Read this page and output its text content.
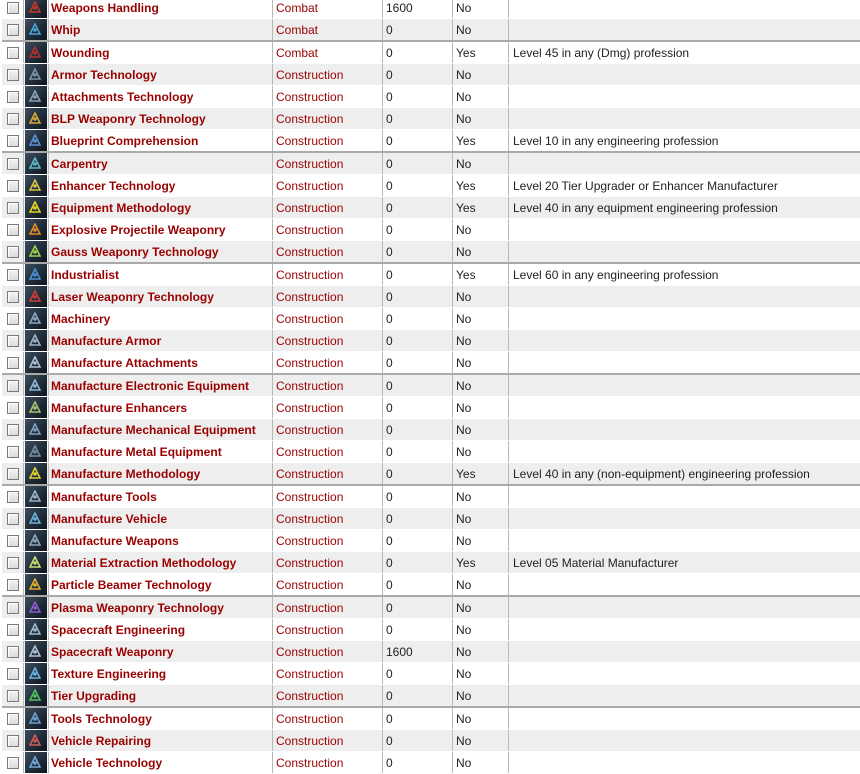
	Weapons Handling	Combat	1600	No	

	Whip	Combat	0	No	

	Wounding	Combat	0	Yes	Level 45 in any (Dmg) profession

	Armor Technology	Construction	0	No	

	Attachments Technology	Construction	0	No	

	BLP Weaponry Technology	Construction	0	No	

	Blueprint Comprehension	Construction	0	Yes	Level 10 in any engineering profession

	Carpentry	Construction	0	No	

	Enhancer Technology	Construction	0	Yes	Level 20 Tier Upgrader or Enhancer Manufacturer

	Equipment Methodology	Construction	0	Yes	Level 40 in any equipment engineering profession

	Explosive Projectile Weaponry	Construction	0	No	

	Gauss Weaponry Technology	Construction	0	No	

	Industrialist	Construction	0	Yes	Level 60 in any engineering profession

	Laser Weaponry Technology	Construction	0	No	

	Machinery	Construction	0	No	

	Manufacture Armor	Construction	0	No	

	Manufacture Attachments	Construction	0	No	

	Manufacture Electronic Equipment	Construction	0	No	

	Manufacture Enhancers	Construction	0	No	

	Manufacture Mechanical Equipment	Construction	0	No	

	Manufacture Metal Equipment	Construction	0	No	

	Manufacture Methodology	Construction	0	Yes	Level 40 in any (non-equipment) engineering profession

	Manufacture Tools	Construction	0	No	

	Manufacture Vehicle	Construction	0	No	

	Manufacture Weapons	Construction	0	No	

	Material Extraction Methodology	Construction	0	Yes	Level 05 Material Manufacturer

	Particle Beamer Technology	Construction	0	No	

	Plasma Weaponry Technology	Construction	0	No	

	Spacecraft Engineering	Construction	0	No	

	Spacecraft Weaponry	Construction	1600	No	

	Texture Engineering	Construction	0	No	

	Tier Upgrading	Construction	0	No	

	Tools Technology	Construction	0	No	

	Vehicle Repairing	Construction	0	No	

	Vehicle Technology	Construction	0	No	
